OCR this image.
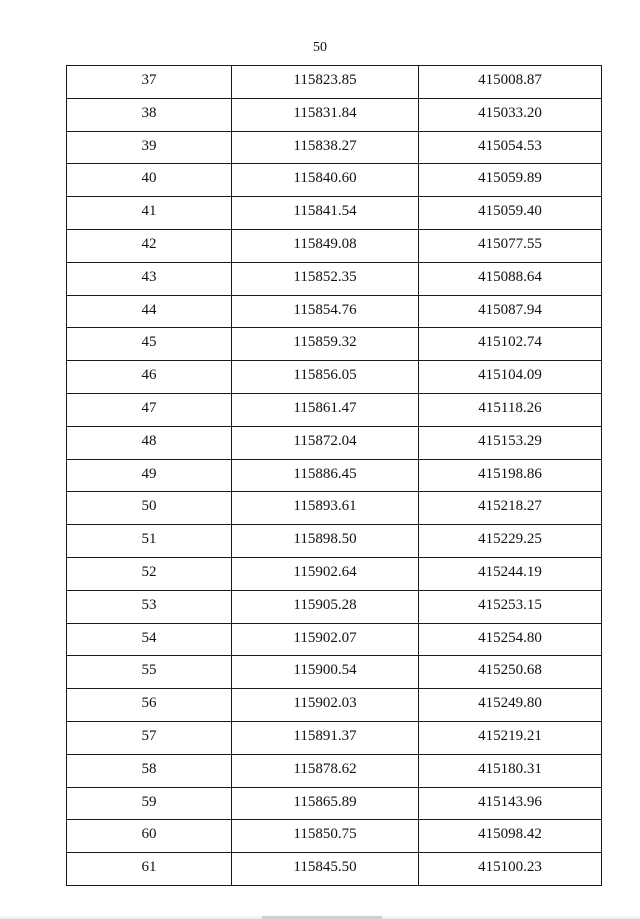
50
37	115823.85	415008.87
38	115831.84	415033.20
39	115838.27	415054.53
40	115840.60	415059.89
41	115841.54	415059.40
42	115849.08	415077.55
43	115852.35	415088.64
44	115854.76	415087.94
45	115859.32	415102.74
46	115856.05	415104.09
47	115861.47	415118.26
48	115872.04	415153.29
49	115886.45	415198.86
50	115893.61	415218.27
51	115898.50	415229.25
52	115902.64	415244.19
53	115905.28	415253.15
54	115902.07	415254.80
55	115900.54	415250.68
56	115902.03	415249.80
57	115891.37	415219.21
58	115878.62	415180.31
59	115865.89	415143.96
60	115850.75	415098.42
61	115845.50	415100.23
